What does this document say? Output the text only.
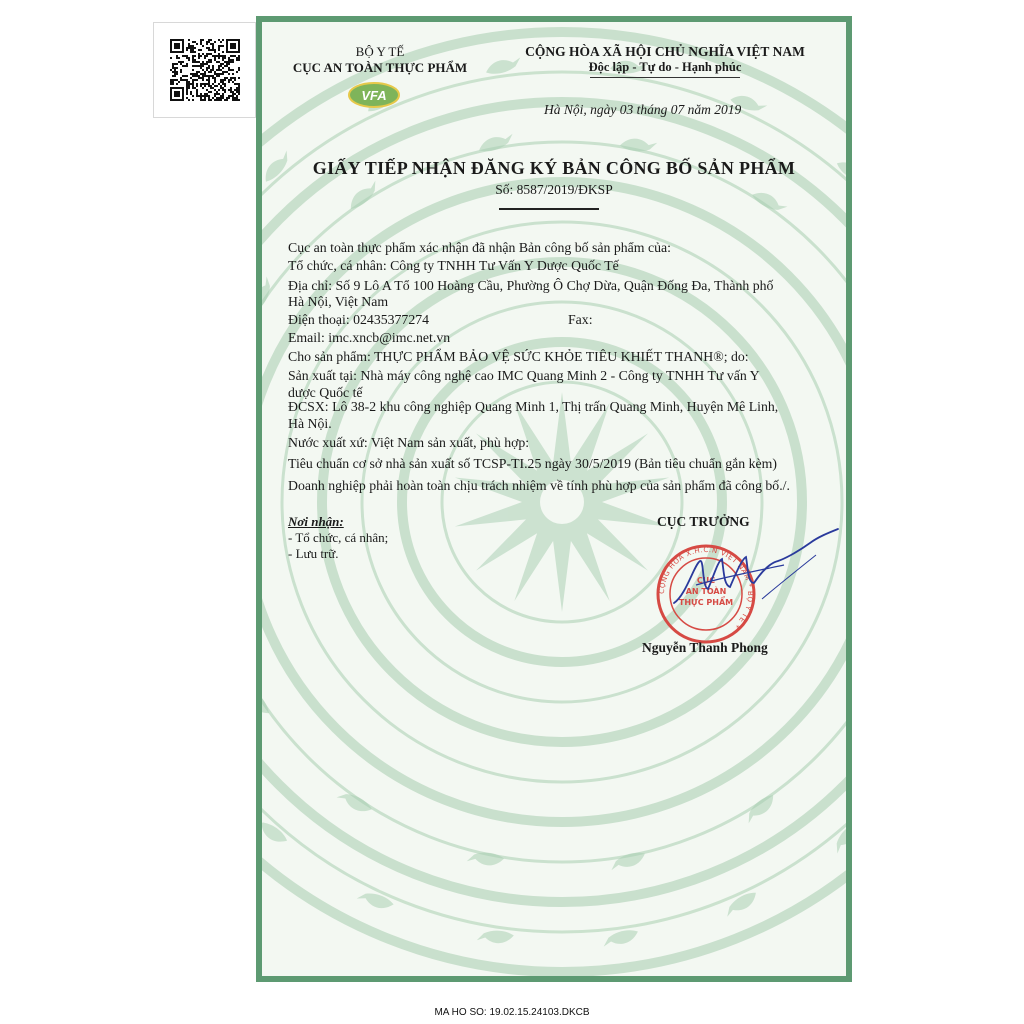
VFA
BỘ Y TẾ
CỤC AN TOÀN THỰC PHẨM
CỘNG HÒA XÃ HỘI CHỦ NGHĨA VIỆT NAM
Độc lập - Tự do - Hạnh phúc
Hà Nội, ngày 03 tháng 07 năm 2019
GIẤY TIẾP NHẬN ĐĂNG KÝ BẢN CÔNG BỐ SẢN PHẨM
Số: 8587/2019/ĐKSP
Cục an toàn thực phẩm xác nhận đã nhận Bản công bố sản phẩm của:
Tổ chức, cá nhân: Công ty TNHH Tư Vấn Y Dược Quốc Tế
Địa chỉ: Số 9 Lô A Tổ 100 Hoàng Cầu, Phường Ô Chợ Dừa, Quận Đống Đa, Thành phố
Hà Nội, Việt Nam
Điện thoại: 02435377274	Fax:
Email: imc.xncb@imc.net.vn
Cho sản phẩm: THỰC PHẨM BẢO VỆ SỨC KHỎE TIÊU KHIẾT THANH®; do:
Sản xuất tại: Nhà máy công nghệ cao IMC Quang Minh 2 - Công ty TNHH Tư vấn Y
dược Quốc tế
ĐCSX: Lô 38-2 khu công nghiệp Quang Minh 1, Thị trấn Quang Minh, Huyện Mê Linh,
Hà Nội.
Nước xuất xứ: Việt Nam sản xuất, phù hợp:
Tiêu chuẩn cơ sở nhà sản xuất số TCSP-TI.25 ngày 30/5/2019 (Bản tiêu chuẩn gắn kèm)
Doanh nghiệp phải hoàn toàn chịu trách nhiệm về tính phù hợp của sản phẩm đã công bố./.
Nơi nhận:
- Tổ chức, cá nhân;
- Lưu trữ.
CỤC TRƯỞNG
CỘNG HÒA X.H.C.N VIỆT NAM * BỘ Y TẾ *
CỤC
AN TOÀN
THỰC PHẨM
Nguyễn Thanh Phong
MA HO SO: 19.02.15.24103.DKCB
